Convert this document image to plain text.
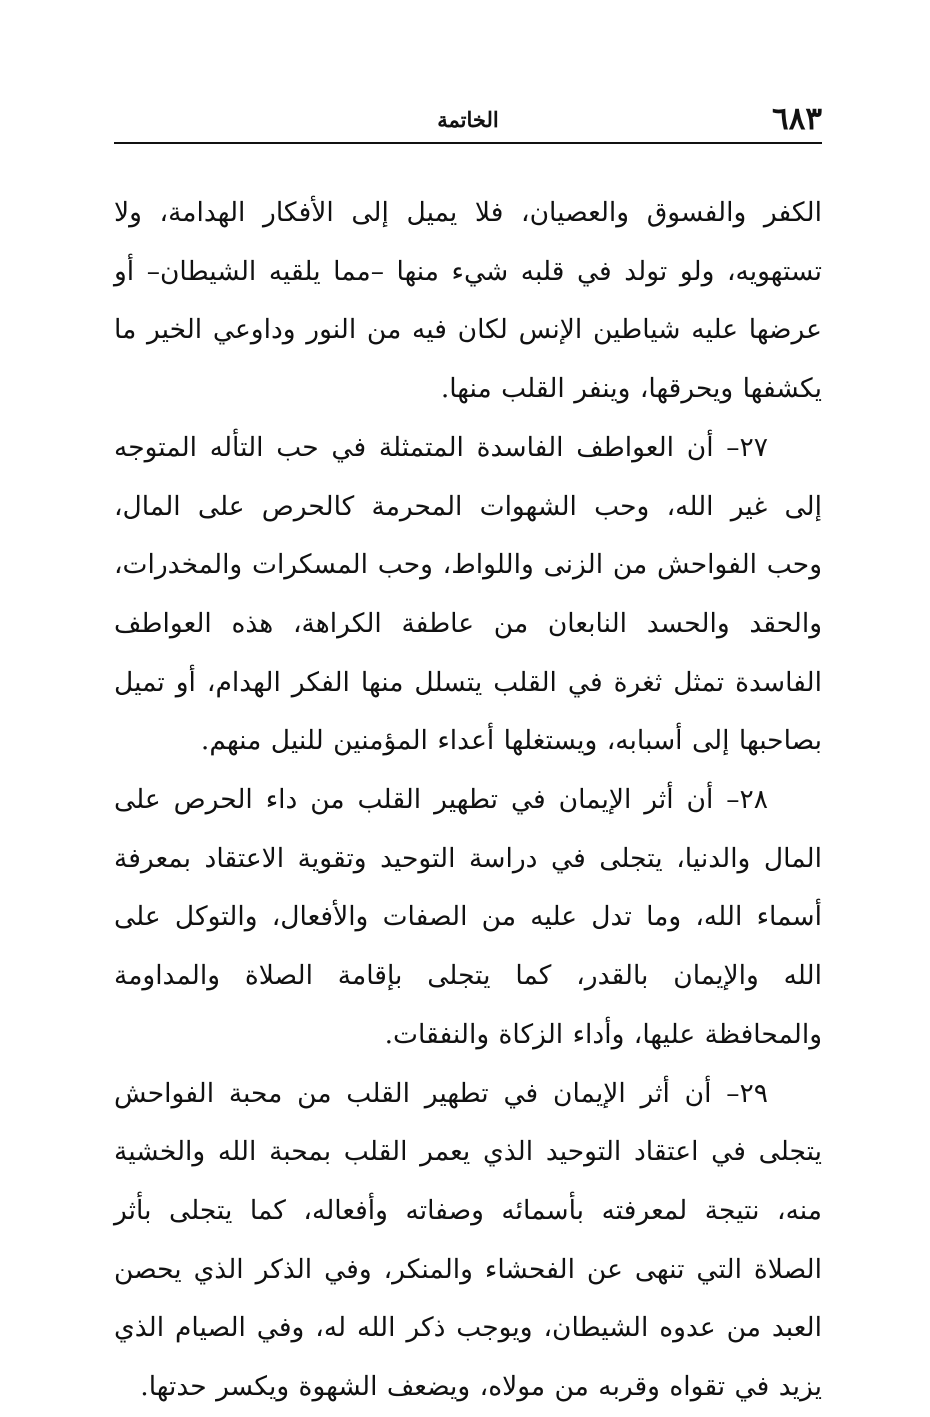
٦٨٣
الخاتمة

الكفر والفسوق والعصيان، فلا يميل إلى الأفكار الهدامة، ولا تستهويه، ولو تولد في قلبه شيء منها –مما يلقيه الشيطان– أو عرضها عليه شياطين الإنس لكان فيه من النور وداوعي الخير ما يكشفها ويحرقها، وينفر القلب منها.

٢٧– أن العواطف الفاسدة المتمثلة في حب التأله المتوجه إلى غير الله، وحب الشهوات المحرمة كالحرص على المال، وحب الفواحش من الزنى واللواط، وحب المسكرات والمخدرات، والحقد والحسد النابعان من عاطفة الكراهة، هذه العواطف الفاسدة تمثل ثغرة في القلب يتسلل منها الفكر الهدام، أو تميل بصاحبها إلى أسبابه، ويستغلها أعداء المؤمنين للنيل منهم.

٢٨– أن أثر الإيمان في تطهير القلب من داء الحرص على المال والدنيا، يتجلى في دراسة التوحيد وتقوية الاعتقاد بمعرفة أسماء الله، وما تدل عليه من الصفات والأفعال، والتوكل على الله والإيمان بالقدر، كما يتجلى بإقامة الصلاة والمداومة والمحافظة عليها، وأداء الزكاة والنفقات.

٢٩– أن أثر الإيمان في تطهير القلب من محبة الفواحش يتجلى في اعتقاد التوحيد الذي يعمر القلب بمحبة الله والخشية منه، نتيجة لمعرفته بأسمائه وصفاته وأفعاله، كما يتجلى بأثر الصلاة التي تنهى عن الفحشاء والمنكر، وفي الذكر الذي يحصن العبد من عدوه الشيطان، ويوجب ذكر الله له، وفي الصيام الذي يزيد في تقواه وقربه من مولاه، ويضعف الشهوة ويكسر حدتها.
